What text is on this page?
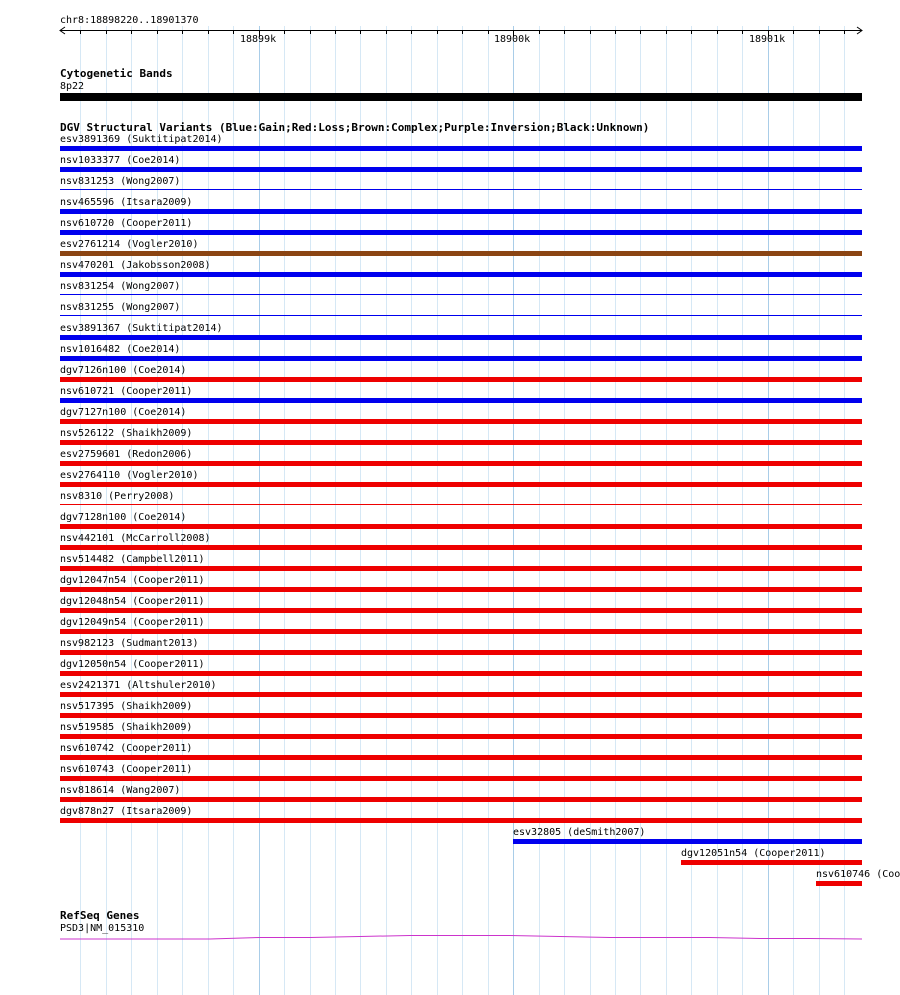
chr8:18898220..18901370
18899k	18900k	18901k
Cytogenetic Bands
8p22
DGV Structural Variants (Blue:Gain;Red:Loss;Brown:Complex;Purple:Inversion;Black:Unknown)
esv3891369 (Suktitipat2014)
nsv1033377 (Coe2014)
nsv831253 (Wong2007)
nsv465596 (Itsara2009)
nsv610720 (Cooper2011)
esv2761214 (Vogler2010)
nsv470201 (Jakobsson2008)
nsv831254 (Wong2007)
nsv831255 (Wong2007)
esv3891367 (Suktitipat2014)
nsv1016482 (Coe2014)
dgv7126n100 (Coe2014)
nsv610721 (Cooper2011)
dgv7127n100 (Coe2014)
nsv526122 (Shaikh2009)
esv2759601 (Redon2006)
esv2764110 (Vogler2010)
nsv8310 (Perry2008)
dgv7128n100 (Coe2014)
nsv442101 (McCarroll2008)
nsv514482 (Campbell2011)
dgv12047n54 (Cooper2011)
dgv12048n54 (Cooper2011)
dgv12049n54 (Cooper2011)
nsv982123 (Sudmant2013)
dgv12050n54 (Cooper2011)
esv2421371 (Altshuler2010)
nsv517395 (Shaikh2009)
nsv519585 (Shaikh2009)
nsv610742 (Cooper2011)
nsv610743 (Cooper2011)
nsv818614 (Wang2007)
dgv878n27 (Itsara2009)
esv32805 (deSmith2007)
dgv12051n54 (Cooper2011)
nsv610746 (Coo
RefSeq Genes
PSD3|NM_015310
